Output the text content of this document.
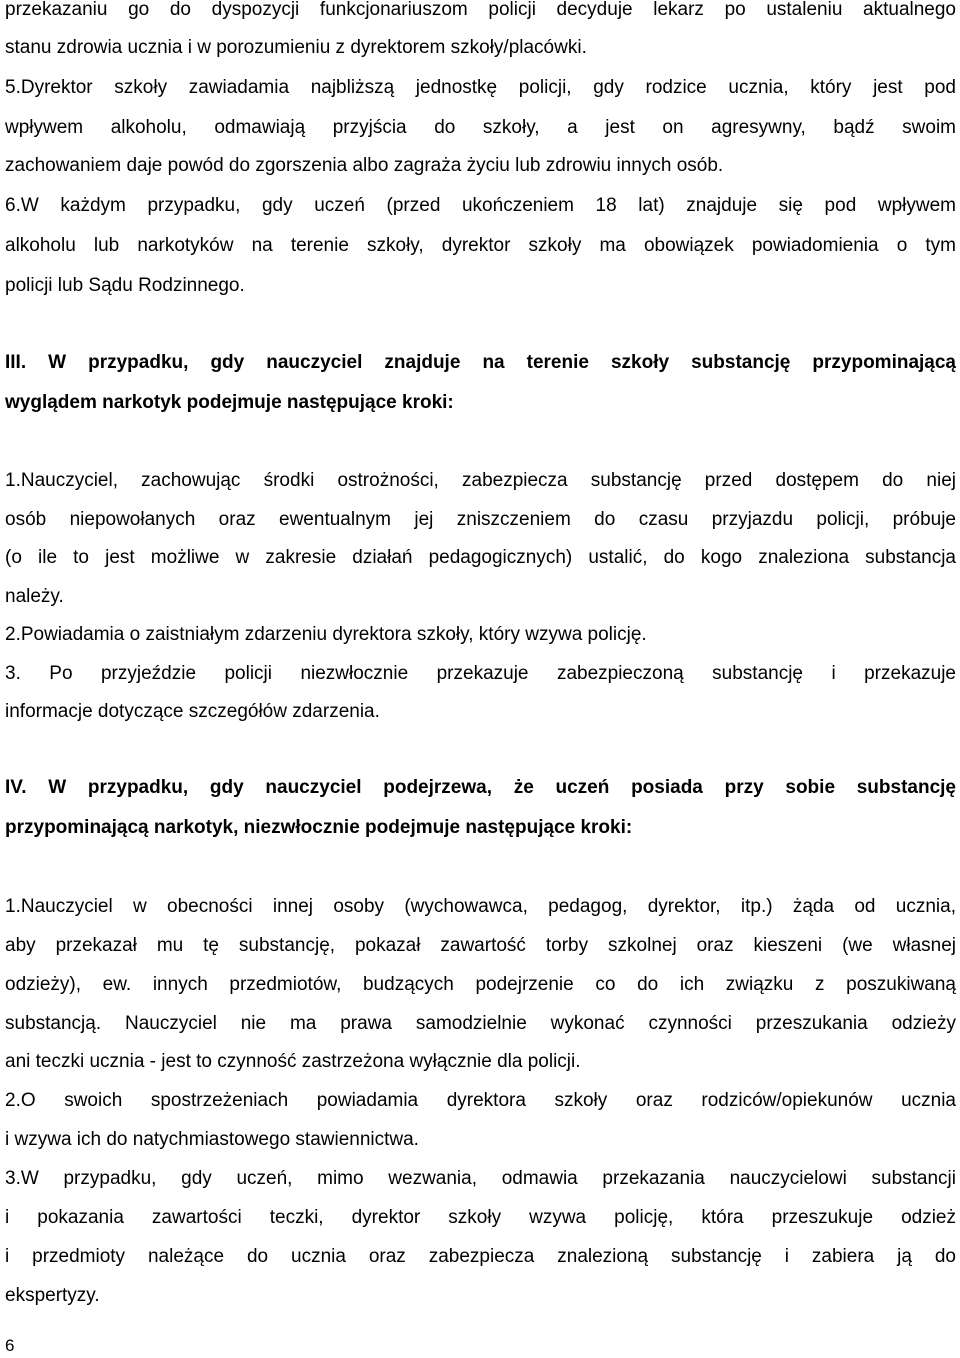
przekazaniu go do dyspozycji funkcjonariuszom policji decyduje lekarz po ustaleniu aktualnego
stanu zdrowia ucznia i w porozumieniu z dyrektorem szkoły/placówki.
5.Dyrektor szkoły zawiadamia najbliższą jednostkę policji, gdy rodzice ucznia, który jest pod
wpływem alkoholu, odmawiają przyjścia do szkoły, a jest on agresywny, bądź swoim
zachowaniem daje powód do zgorszenia albo zagraża życiu lub zdrowiu innych osób.
6.W każdym przypadku, gdy uczeń (przed ukończeniem 18 lat) znajduje się pod wpływem
alkoholu lub narkotyków na terenie szkoły, dyrektor szkoły ma obowiązek powiadomienia o tym
policji lub Sądu Rodzinnego.
III. W przypadku, gdy nauczyciel znajduje na terenie szkoły substancję przypominającą
wyglądem narkotyk podejmuje następujące kroki:
1.Nauczyciel, zachowując środki ostrożności, zabezpiecza substancję przed dostępem do niej
osób niepowołanych oraz ewentualnym jej zniszczeniem do czasu przyjazdu policji, próbuje
(o ile to jest możliwe w zakresie działań pedagogicznych) ustalić, do kogo znaleziona substancja
należy.
2.Powiadamia o zaistniałym zdarzeniu dyrektora szkoły, który wzywa policję.
3. Po przyjeździe policji niezwłocznie przekazuje zabezpieczoną substancję i przekazuje
informacje dotyczące szczegółów zdarzenia.
IV. W przypadku, gdy nauczyciel podejrzewa, że uczeń posiada przy sobie substancję
przypominającą narkotyk, niezwłocznie podejmuje następujące kroki:
1.Nauczyciel w obecności innej osoby (wychowawca, pedagog, dyrektor, itp.) żąda od ucznia,
aby przekazał mu tę substancję, pokazał zawartość torby szkolnej oraz kieszeni (we własnej
odzieży), ew. innych przedmiotów, budzących podejrzenie co do ich związku z poszukiwaną
substancją. Nauczyciel nie ma prawa samodzielnie wykonać czynności przeszukania odzieży
ani teczki ucznia - jest to czynność zastrzeżona wyłącznie dla policji.
2.O swoich spostrzeżeniach powiadamia dyrektora szkoły oraz rodziców/opiekunów ucznia
i wzywa ich do natychmiastowego stawiennictwa.
3.W przypadku, gdy uczeń, mimo wezwania, odmawia przekazania nauczycielowi substancji
i pokazania zawartości teczki, dyrektor szkoły wzywa policję, która przeszukuje odzież
i przedmioty należące do ucznia oraz zabezpiecza znalezioną substancję i zabiera ją do
ekspertyzy.
6
